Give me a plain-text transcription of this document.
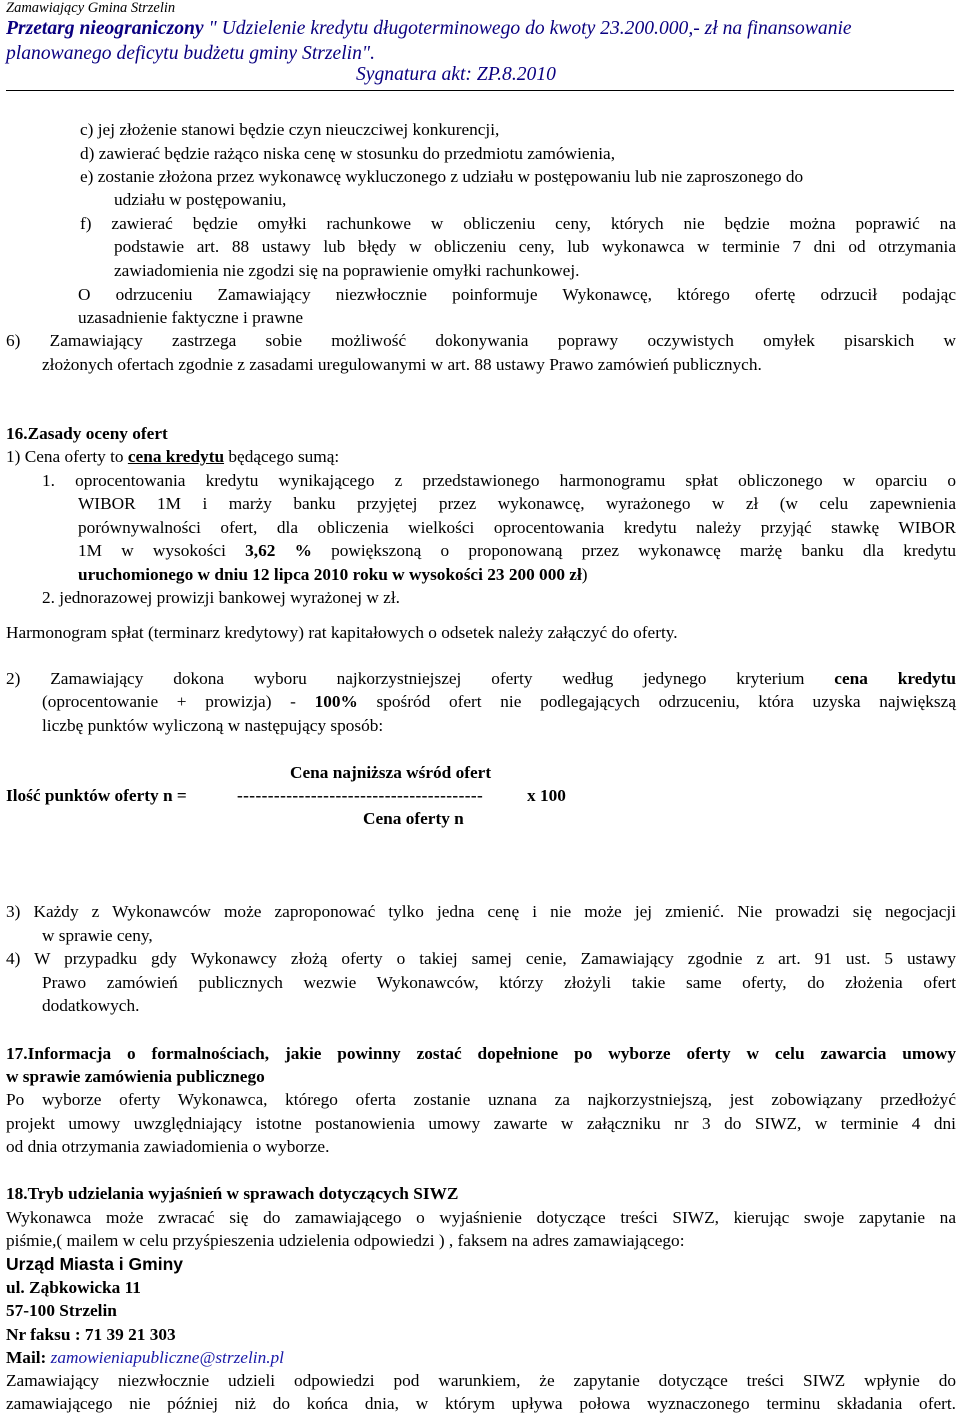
Zamawiający Gmina Strzelin
Przetarg nieograniczony " Udzielenie kredytu długoterminowego do kwoty 23.200.000,- zł na finansowanie planowanego deficytu budżetu gminy Strzelin".
Sygnatura akt: ZP.8.2010
c) jej złożenie stanowi będzie czyn nieuczciwej konkurencji,
d) zawierać będzie rażąco niska cenę w stosunku do przedmiotu zamówienia,
e) zostanie złożona przez wykonawcę wykluczonego z udziału w postępowaniu lub nie zaproszonego do
udziału w postępowaniu,
f) zawierać będzie omyłki rachunkowe w obliczeniu ceny, których nie będzie można poprawić na
podstawie art. 88 ustawy lub błędy w obliczeniu ceny, lub wykonawca w terminie 7 dni od otrzymania
zawiadomienia nie zgodzi się na poprawienie omyłki rachunkowej.
O odrzuceniu Zamawiający niezwłocznie poinformuje Wykonawcę, którego ofertę odrzucił podając
uzasadnienie faktyczne i prawne
6) Zamawiający zastrzega sobie możliwość dokonywania poprawy oczywistych omyłek pisarskich w
złożonych ofertach zgodnie z zasadami uregulowanymi w art. 88 ustawy Prawo zamówień publicznych.
16.Zasady oceny ofert
1) Cena oferty to cena kredytu będącego sumą:
1. oprocentowania kredytu wynikającego z przedstawionego harmonogramu spłat obliczonego w oparciu o
WIBOR 1M i marży banku przyjętej przez wykonawcę, wyrażonego w zł (w celu zapewnienia
porównywalności ofert, dla obliczenia wielkości oprocentowania kredytu należy przyjąć stawkę WIBOR
1M w wysokości 3,62 % powiększoną o proponowaną przez wykonawcę marżę banku dla kredytu
uruchomionego w dniu 12 lipca 2010 roku w wysokości 23 200 000 zł)
2. jednorazowej prowizji bankowej wyrażonej w zł.
Harmonogram spłat (terminarz kredytowy) rat kapitałowych o odsetek należy załączyć do oferty.
2) Zamawiający dokona wyboru najkorzystniejszej oferty według jedynego kryterium cena kredytu
(oprocentowanie + prowizja) - 100% spośród ofert nie podlegających odrzuceniu, która uzyska największą
liczbę punktów wyliczoną w następujący sposób:
Cena najniższa wśród ofert
Ilość punktów oferty n =	----------------------------------------	x 100
Cena oferty n
3) Każdy z Wykonawców może zaproponować tylko jedna cenę i nie może jej zmienić. Nie prowadzi się negocjacji
w sprawie ceny,
4) W przypadku gdy Wykonawcy złożą oferty o takiej samej cenie, Zamawiający zgodnie z art. 91 ust. 5 ustawy
Prawo zamówień publicznych wezwie Wykonawców, którzy złożyli takie same oferty, do złożenia ofert
dodatkowych.
17.Informacja o formalnościach, jakie powinny zostać dopełnione po wyborze oferty w celu zawarcia umowy
w sprawie zamówienia publicznego
Po wyborze oferty Wykonawca, którego oferta zostanie uznana za najkorzystniejszą, jest zobowiązany przedłożyć
projekt umowy uwzględniający istotne postanowienia umowy zawarte w załączniku nr 3 do SIWZ, w terminie 4 dni
od dnia otrzymania zawiadomienia o wyborze.
18.Tryb udzielania wyjaśnień w sprawach dotyczących SIWZ
Wykonawca może zwracać się do zamawiającego o wyjaśnienie dotyczące treści SIWZ, kierując swoje zapytanie na
piśmie,( mailem w celu przyśpieszenia udzielenia odpowiedzi ) , faksem na adres zamawiającego:
Urząd Miasta i Gminy
ul. Ząbkowicka 11
57-100 Strzelin
Nr faksu : 71 39 21 303
Mail: zamowieniapubliczne@strzelin.pl
Zamawiający niezwłocznie udzieli odpowiedzi pod warunkiem, że zapytanie dotyczące treści SIWZ wpłynie do
zamawiającego nie później niż do końca dnia, w którym upływa połowa wyznaczonego terminu składania ofert.
